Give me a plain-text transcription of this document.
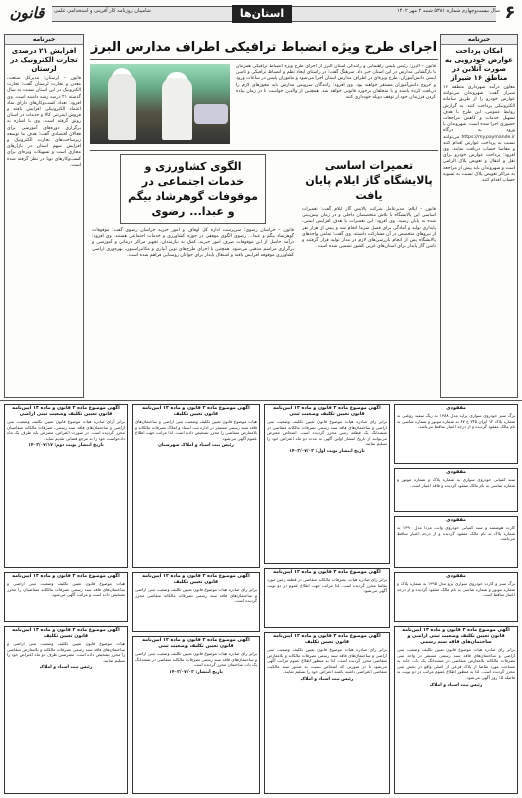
۶
استان‌ها	سال بیست‌وچهارم شماره ۵۳۸۱ شنبه ۲ مهر ۱۴۰۲
شامپیان روزنامه کار آفرینی و استخدامی علمی
قانون
خبرنامه
امکان پرداخت عوارض خودرویی به صورت آنلاین در مناطق ۱۶ شیراز
معاون درآمد شهرداری منطقه ۱۶ شیراز گفت: شهروندان می‌توانند عوارض خودرو را از طریق سامانه الکترونیکی پرداخت کنند. به گزارش روابط عمومی، این طرح با هدف تسهیل خدمات و کاهش مراجعات حضوری اجرا شده است. شهروندان با ورود به درگاه https://my.paymande.ir می‌توانند نسبت به پرداخت عوارض اقدام کنند و مفاصا حساب دریافت نمایند. وی افزود: پرداخت عوارض خودرو برای نقل و انتقال و تعویض پلاک الزامی است و شهروندان باید پیش از مراجعه به مراکز تعویض پلاک نسبت به تسویه حساب اقدام کنند.
خبرنامه
افزایش ۲۱ درصدی تجارت الکترونیک در لرستان
قانون – لرستان: مدیرکل صنعت، معدن و تجارت لرستان گفت: تجارت الکترونیک در این استان نسبت به سال گذشته ۲۱ درصد رشد داشته است. وی افزود: تعداد کسب‌وکارهای دارای نماد اعتماد الکترونیکی افزایش یافته و فروش اینترنتی کالا و خدمات در استان رونق گرفته است. وی با اشاره به برگزاری دوره‌های آموزشی برای فعالان اقتصادی گفت: هدف ما توسعه زیرساخت‌های تجارت الکترونیک و افزایش سهم استان در بازارهای مجازی است و تسهیلات ویژه‌ای برای کسب‌وکارهای نوپا در نظر گرفته شده است.
اجرای طرح ویژه انضباط ترافیکی اطراف مدارس البرز
قانون – البرز: رئیس پلیس راهنمایی و رانندگی استان البرز از اجرای طرح ویژه انضباط ترافیکی همزمان با بازگشایی مدارس در این استان خبر داد. سرهنگ گفت: در راستای ایجاد نظم و انضباط ترافیکی و تامین ایمنی دانش‌آموزان، طرح ویژه‌ای در اطراف مدارس استان اجرا می‌شود و ماموران پلیس در ساعات ورود و خروج دانش‌آموزان مستقر خواهند بود. وی افزود: رانندگان سرویس مدارس باید مجوزهای لازم را دریافت کرده باشند و با متخلفان برخورد قانونی خواهد شد. همچنین از والدین خواست تا در زمان پیاده کردن فرزندان خود از توقف دوبله خودداری کنند.
تعمیرات اساسی پالایشگاه گاز ایلام پایان یافت
قانون – ایلام: مدیرعامل شرکت پالایش گاز ایلام گفت: تعمیرات اساسی این پالایشگاه با تلاش متخصصان داخلی و در زمان پیش‌بینی شده به پایان رسید. وی افزود: این تعمیرات با هدف افزایش ایمنی، پایداری تولید و آمادگی برای فصل سرما انجام شد و بیش از هزار نفر از نیروهای متخصص در آن مشارکت داشتند. وی گفت: تمامی واحدهای پالایشگاه پس از انجام بازرسی‌های لازم در مدار تولید قرار گرفتند و تامین گاز پایدار برای استان‌های غربی کشور تضمین شده است.
الگوی کشاورزی و خدمات اجتماعی در موقوفات گوهرشاد بیگم و عبدا... رضوی
قانون – خراسان رضوی: سرپرست اداره کل اوقاف و امور خیریه خراسان رضوی گفت: موقوفات گوهرشاد بیگم و عبدا... رضوی الگوی موفقی در حوزه کشاورزی و خدمات اجتماعی هستند. وی افزود: درآمد حاصل از این موقوفات صرف امور خیریه، کمک به نیازمندان، تجهیز مراکز درمانی و آموزشی و برگزاری مراسم مذهبی می‌شود. همچنین با اجرای طرح‌های نوین آبیاری و مکانیزاسیون، بهره‌وری اراضی کشاورزی موقوفه افزایش یافته و اشتغال پایدار برای جوانان روستایی فراهم شده است.
مفقودی
برگ سبز خودروی سواری پراید مدل ۱۳۸۸ به رنگ سفید روغنی به شماره پلاک ۱۲ ایران ۳۴۵ ج ۶۷ به شماره موتور و شماره شاسی به نام مالک مفقود گردیده و از درجه اعتبار ساقط می‌باشد.
مفقودی
سند کمپانی خودروی سواری به شماره پلاک و شماره موتور و شماره شاسی به نام مالک مفقود گردیده و فاقد اعتبار است.
مفقودی
کارت هوشمند و سند کمپانی خودروی وانت مزدا مدل ۱۳۹۰ به شماره پلاک به نام مالک مفقود گردیده و از درجه اعتبار ساقط می‌باشد.
مفقودی
برگ سبز و کارت خودروی سواری پژو مدل ۱۳۹۵ به شماره پلاک و شماره موتور و شماره شاسی به نام مالک مفقود گردیده و از درجه اعتبار ساقط است.
آگهی موضوع ماده ۳ قانون و ماده ۱۳ آیین‌نامه قانون تعیین تکلیف وضعیت ثبتی اراضی و ساختمان‌های فاقد سند رسمی
برابر رای صادره هیات موضوع قانون تعیین تکلیف وضعیت ثبتی اراضی و ساختمان‌های فاقد سند رسمی مستقر در واحد ثبتی تصرفات مالکانه بلامعارض متقاضی در ششدانگ یک باب خانه به مساحت مورد تقاضا از پلاک فرعی از اصلی واقع در بخش ثبتی محرز گردیده است. لذا به منظور اطلاع عموم مراتب در دو نوبت به فاصله ۱۵ روز آگهی می‌شود.
رئیس ثبت اسناد و املاک
آگهی موضوع ماده ۳ قانون و ماده ۱۳ آیین‌نامه قانون تعیین تکلیف وضعیت ثبتی
برابر رای صادره هیات موضوع قانون تعیین تکلیف وضعیت ثبتی اراضی و ساختمان‌های فاقد سند رسمی تصرفات مالکانه متقاضی در ششدانگ یک قطعه زمین محرز گردیده است. اشخاص معترض می‌توانند از تاریخ انتشار اولین آگهی به مدت دو ماه اعتراض خود را تسلیم نمایند.
تاریخ انتشار نوبت اول: ۱۴۰۲/۰۷/۰۲
آگهی موضوع ماده ۳ قانون و ماده ۱۳ آیین‌نامه
برابر رای صادره هیات، تصرفات مالکانه متقاضی در قطعه زمین مورد تقاضا محرز گردیده است. لذا مراتب جهت اطلاع عموم در دو نوبت آگهی می‌شود.
آگهی موضوع ماده ۳ قانون و ماده ۱۳ آیین‌نامه قانون تعیین تکلیف
برابر رای صادره هیات موضوع قانون تعیین تکلیف وضعیت ثبتی اراضی و ساختمان‌های فاقد سند رسمی تصرفات مالکانه و بلامعارض متقاضی محرز گردیده است. لذا به منظور اطلاع عموم مراتب آگهی می‌شود تا در صورتی که اشخاص نسبت به صدور سند مالکیت متقاضی اعتراضی داشته باشند اعتراض خود را تسلیم نمایند.
رئیس ثبت اسناد و املاک
آگهی موضوع ماده ۳ قانون و ماده ۱۳ آیین‌نامه قانون تعیین تکلیف
هیات موضوع قانون تعیین تکلیف وضعیت ثبتی اراضی و ساختمان‌های فاقد سند رسمی مستقر در اداره ثبت اسناد و املاک تصرفات مالکانه و بلامعارض متقاضی را محرز تشخیص داده است. لذا مراتب جهت اطلاع عموم آگهی می‌شود.
رئیس ثبت اسناد و املاک شهرستان
آگهی موضوع ماده ۳ قانون و ماده ۱۳ آیین‌نامه قانون تعیین تکلیف
برابر رای صادره هیات موضوع قانون تعیین تکلیف وضعیت ثبتی اراضی و ساختمان‌های فاقد سند رسمی تصرفات مالکانه متقاضی محرز گردیده است.
آگهی موضوع ماده ۳ قانون و ماده ۱۳ آیین‌نامه قانون تعیین تکلیف وضعیت ثبتی
برابر رای صادره هیات موضوع قانون تعیین تکلیف وضعیت ثبتی اراضی و ساختمان‌های فاقد سند رسمی تصرفات مالکانه متقاضی در ششدانگ یک باب ساختمان محرز گردیده است.
تاریخ انتشار: ۱۴۰۲/۰۷/۰۲
آگهی موضوع ماده ۳ قانون و ماده ۱۳ آیین‌نامه قانون تعیین تکلیف وضعیت ثبتی اراضی
برابر آرای صادره هیات موضوع قانون تعیین تکلیف وضعیت ثبتی اراضی و ساختمان‌های فاقد سند رسمی، تصرفات مالکانه متقاضیان محرز گردیده است. در صورت اعتراض، معترض باید ظرف یک ماه دادخواست خود را به مرجع قضایی تقدیم نماید.
تاریخ انتشار نوبت دوم: ۱۴۰۲/۰۷/۱۷
آگهی موضوع ماده ۳ قانون و ماده ۱۳ آیین‌نامه
هیات موضوع قانون تعیین تکلیف وضعیت ثبتی اراضی و ساختمان‌های فاقد سند رسمی تصرفات مالکانه متقاضیان را محرز تشخیص داده است و مراتب آگهی می‌شود.
آگهی موضوع ماده ۳ قانون و ماده ۱۳ آیین‌نامه قانون تعیین تکلیف
هیات موضوع قانون تعیین تکلیف وضعیت ثبتی اراضی و ساختمان‌های فاقد سند رسمی تصرفات مالکانه و بلامعارض متقاضی را محرز تشخیص داده است. معترضین ظرف دو ماه اعتراض خود را تسلیم نمایند.
رئیس ثبت اسناد و املاک
